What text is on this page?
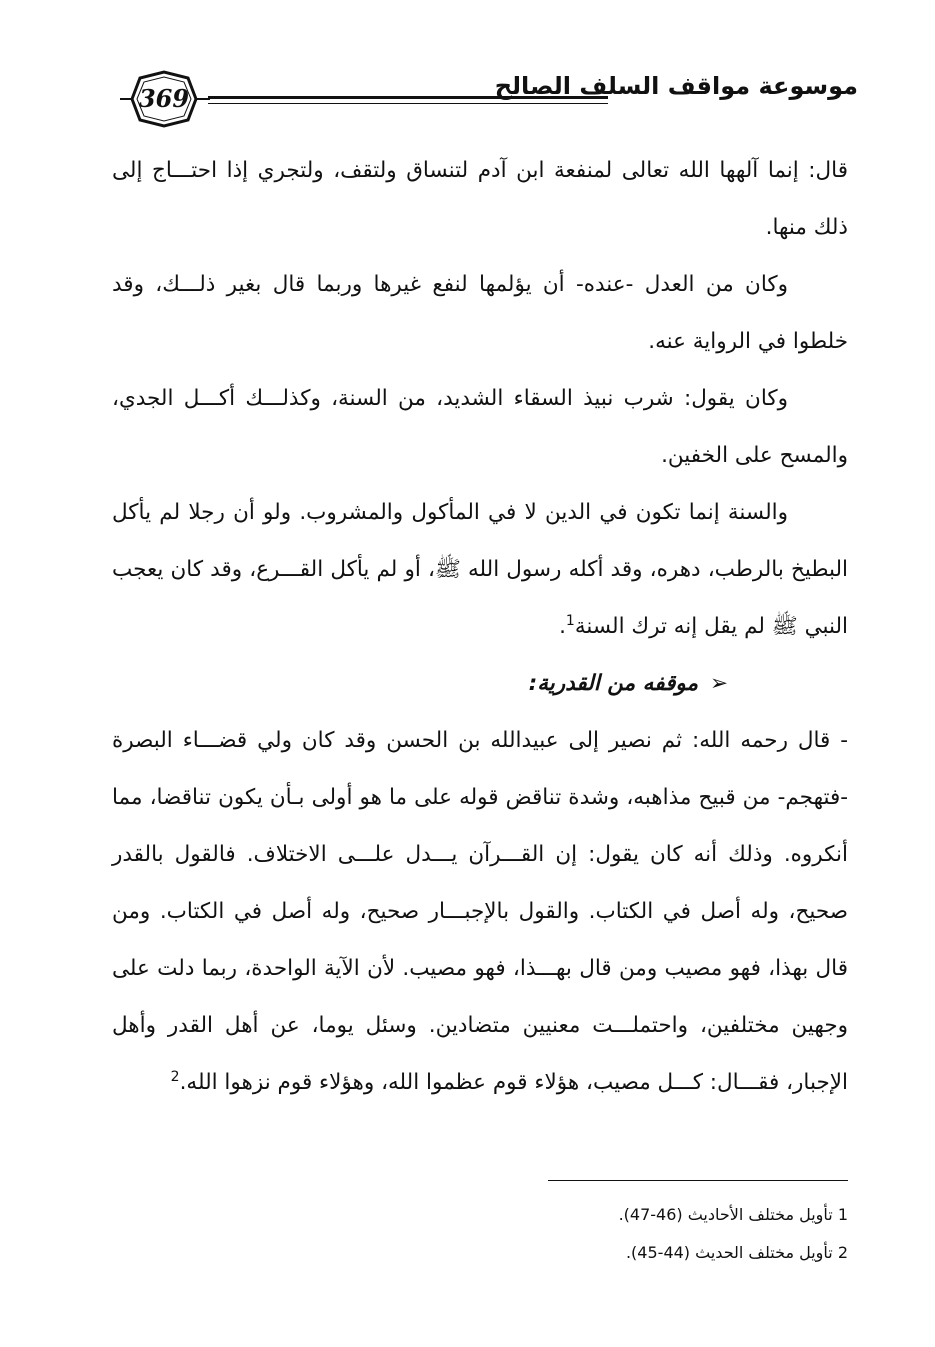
369	موسوعة مواقف السلف الصالح

قال: إنما آلهها الله تعالى لمنفعة ابن آدم لتنساق ولتقف، ولتجري إذا احتـــاج إلى ذلك منها.

وكان من العدل -عنده- أن يؤلمها لنفع غيرها وربما قال بغير ذلـــك، وقد خلطوا في الرواية عنه.

وكان يقول: شرب نبيذ السقاء الشديد، من السنة، وكذلـــك أكـــل الجدي، والمسح على الخفين.

والسنة إنما تكون في الدين لا في المأكول والمشروب. ولو أن رجلا لم يأكل البطيخ بالرطب، دهره، وقد أكله رسول الله ﷺ، أو لم يأكل القـــرع، وقد كان يعجب النبي ﷺ لم يقل إنه ترك السنة$^1$.

➢موقفه من القدرية:

- قال رحمه الله: ثم نصير إلى عبيدالله بن الحسن وقد كان ولي قضـــاء البصرة -فتهجم- من قبيح مذاهبه، وشدة تناقض قوله على ما هو أولى بـأن يكون تناقضا، مما أنكروه. وذلك أنه كان يقول: إن القـــرآن يـــدل علـــى الاختلاف. فالقول بالقدر صحيح، وله أصل في الكتاب. والقول بالإجبـــار صحيح، وله أصل في الكتاب. ومن قال بهذا، فهو مصيب ومن قال بهـــذا، فهو مصيب. لأن الآية الواحدة، ربما دلت على وجهين مختلفين، واحتملـــت معنيين متضادين. وسئل يوما، عن أهل القدر وأهل الإجبار، فقـــال: كـــل مصيب، هؤلاء قوم عظموا الله، وهؤلاء قوم نزهوا الله.$^2$

1 تأويل مختلف الأحاديث (46-47).
2 تأويل مختلف الحديث (44-45).
